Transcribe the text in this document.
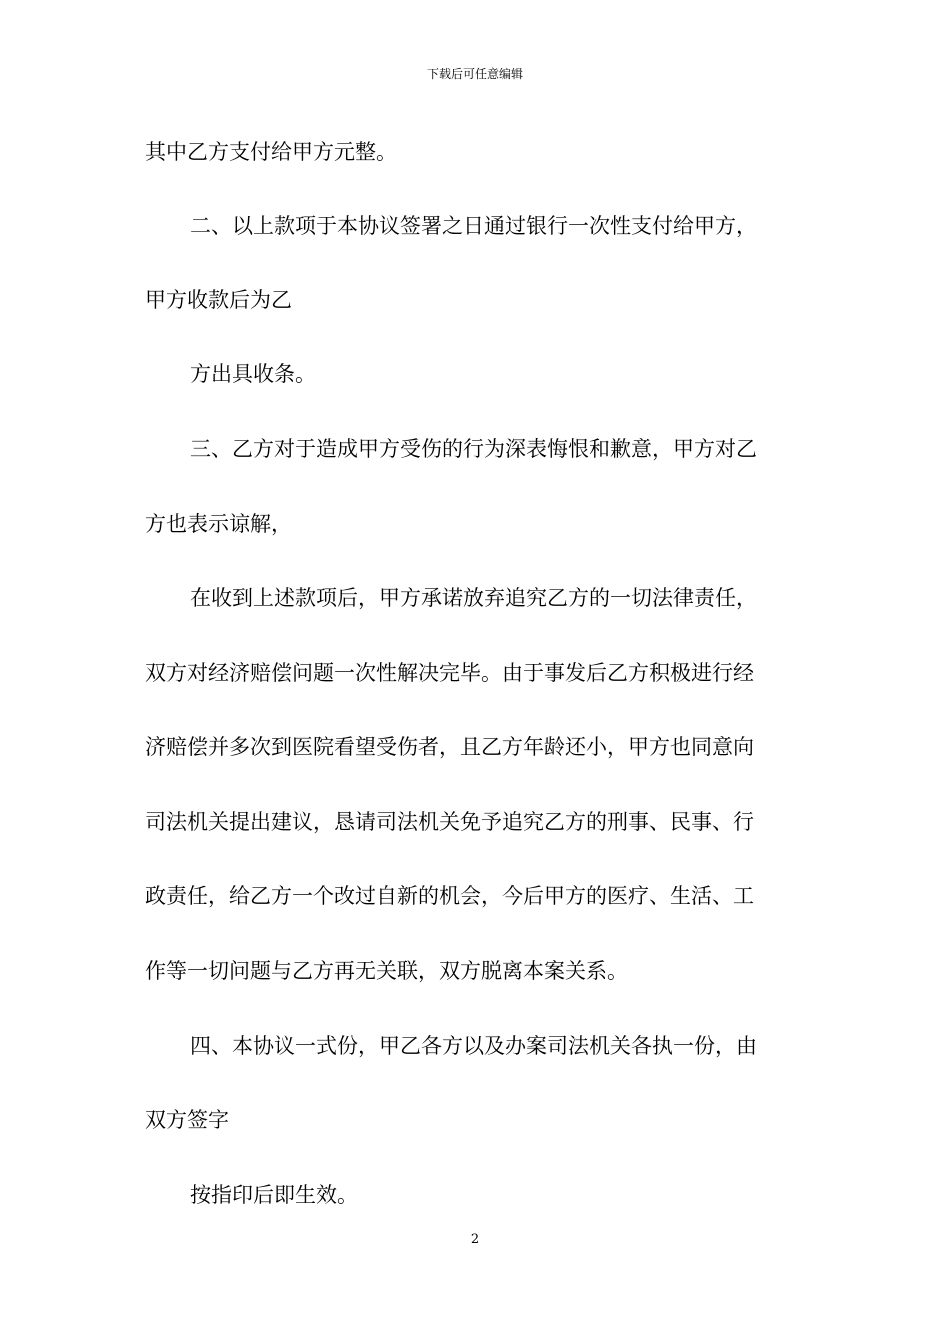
下载后可任意编辑
其中乙方支付给甲方元整。
二、以上款项于本协议签署之日通过银行一次性支付给甲方，
甲方收款后为乙
方出具收条。
三、乙方对于造成甲方受伤的行为深表悔恨和歉意，甲方对乙
方也表示谅解，
在收到上述款项后，甲方承诺放弃追究乙方的一切法律责任，
双方对经济赔偿问题一次性解决完毕。由于事发后乙方积极进行经
济赔偿并多次到医院看望受伤者，且乙方年龄还小，甲方也同意向
司法机关提出建议，恳请司法机关免予追究乙方的刑事、民事、行
政责任，给乙方一个改过自新的机会，今后甲方的医疗、生活、工
作等一切问题与乙方再无关联，双方脱离本案关系。
四、本协议一式份，甲乙各方以及办案司法机关各执一份，由
双方签字
按指印后即生效。
2
